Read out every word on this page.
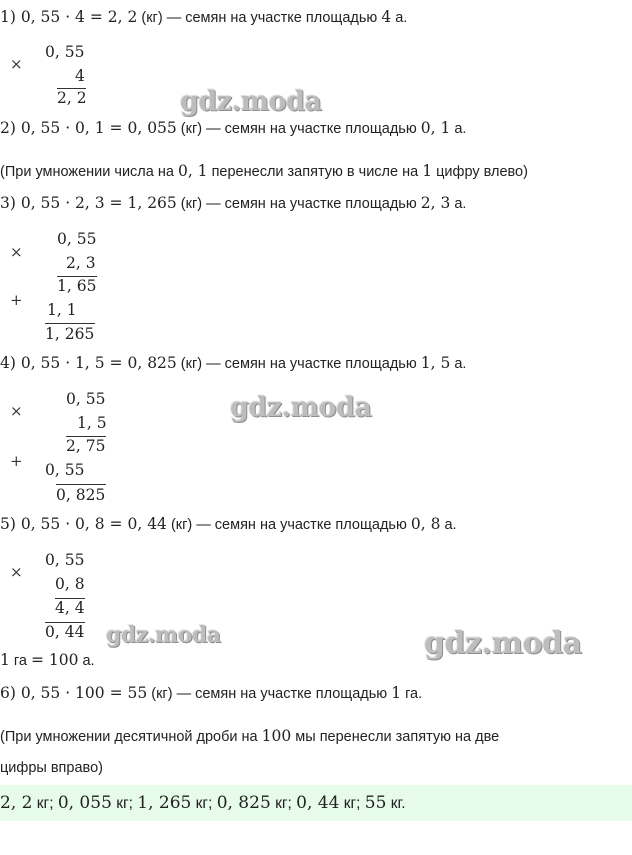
1) 0, 55 · 4 = 2, 2 (кг) — семян на участке площадью 4 а.
×
0, 55
4
2, 2	gdz.moda
2) 0, 55 · 0, 1 = 0, 055 (кг) — семян на участке площадью 0, 1 а.
(При умножении числа на 0, 1 перенесли запятую в числе на 1 цифру влево)
3) 0, 55 · 2, 3 = 1, 265 (кг) — семян на участке площадью 2, 3 а.
×
0, 55
2, 3
1, 65
+
1, 1
1, 265
4) 0, 55 · 1, 5 = 0, 825 (кг) — семян на участке площадью 1, 5 а.
×
0, 55
1, 5
2, 75
+ 0, 55
0, 825
gdz.moda
5) 0, 55 · 0, 8 = 0, 44 (кг) — семян на участке площадью 0, 8 а.
×
0, 55
0, 8
4, 4
0, 44 gdz.moda	gdz.moda
1 га = 100 а.
6) 0, 55 · 100 = 55 (кг) — семян на участке площадью 1 га.
(При умножении десятичной дроби на 100 мы перенесли запятую на две
цифры вправо)
2, 2 кг; 0, 055 кг; 1, 265 кг; 0, 825 кг; 0, 44 кг; 55 кг.
